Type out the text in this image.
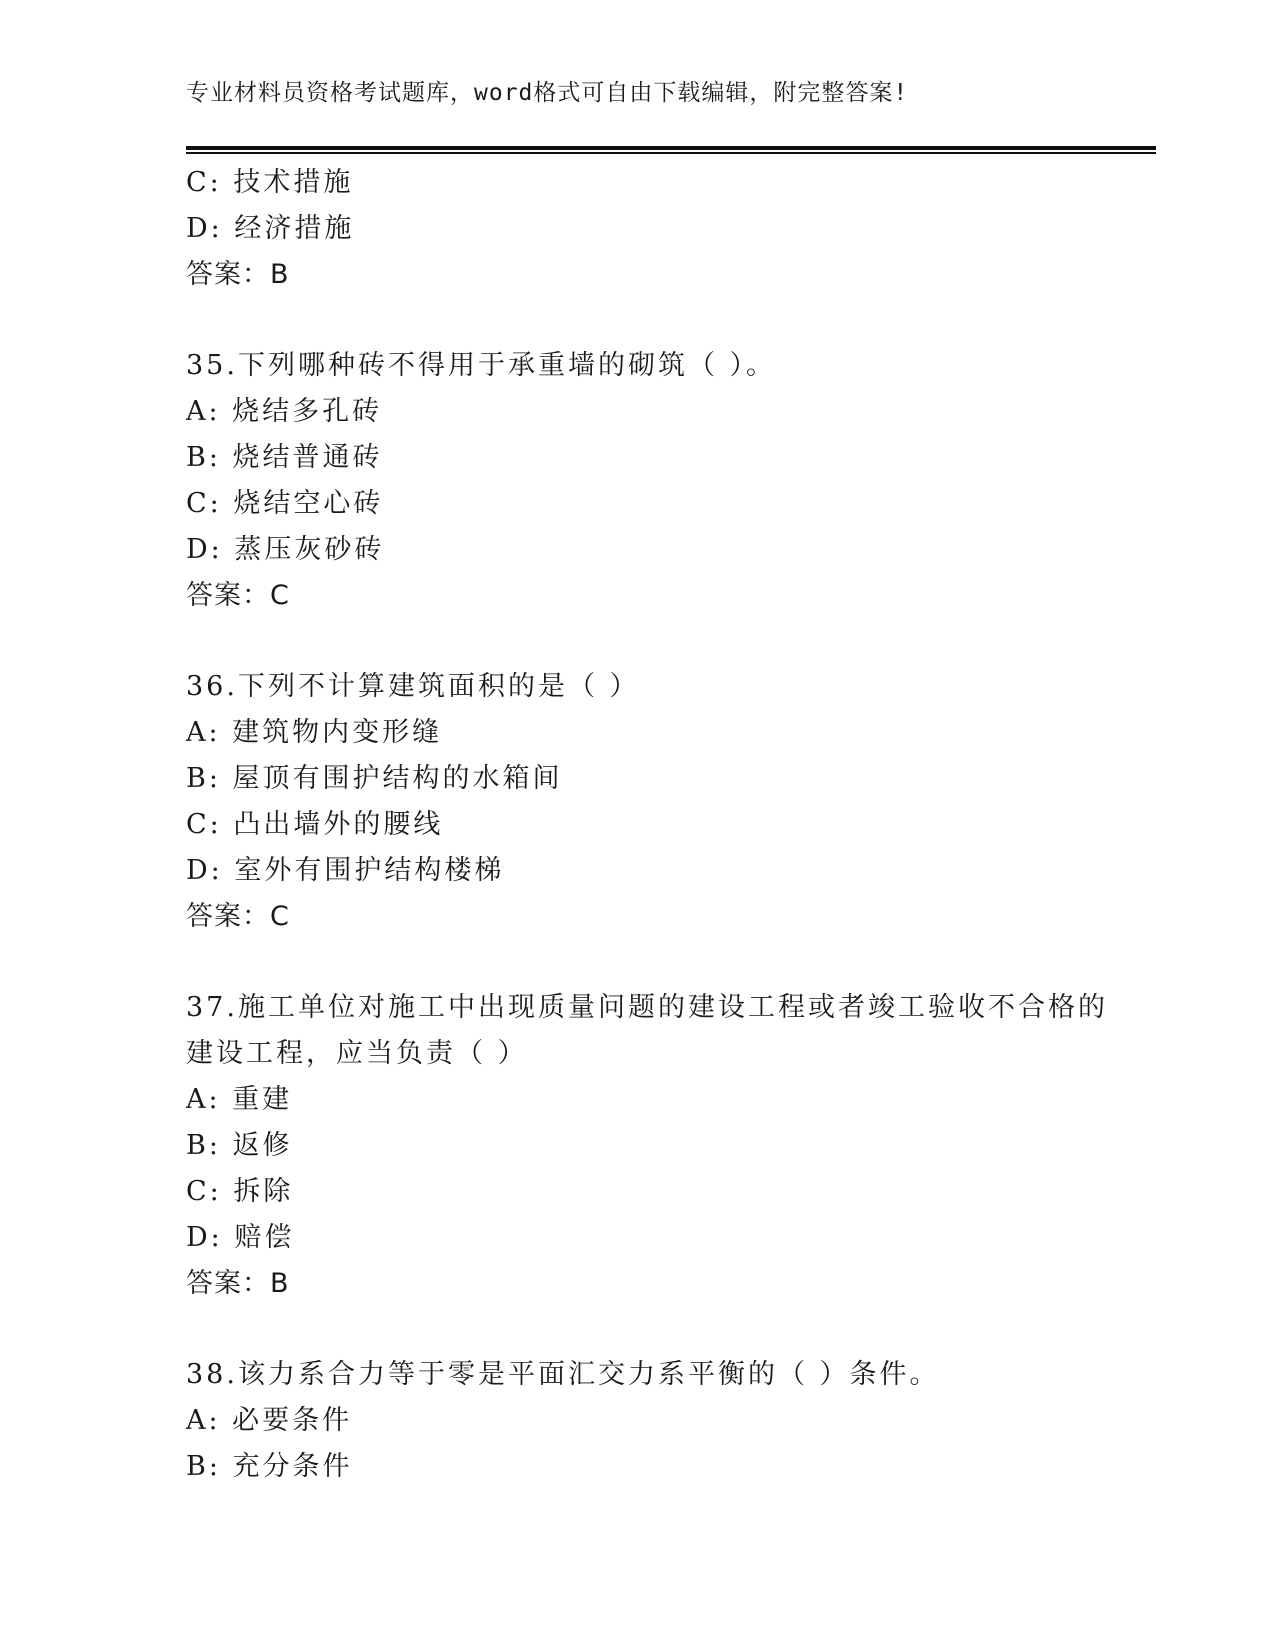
专业材料员资格考试题库，word格式可自由下载编辑，附完整答案!
C: 技术措施
D: 经济措施
答案：B
35.下列哪种砖不得用于承重墙的砌筑（ ）。
A: 烧结多孔砖
B: 烧结普通砖
C: 烧结空心砖
D: 蒸压灰砂砖
答案：C
36.下列不计算建筑面积的是（ ）
A: 建筑物内变形缝
B: 屋顶有围护结构的水箱间
C: 凸出墙外的腰线
D: 室外有围护结构楼梯
答案：C
37.施工单位对施工中出现质量问题的建设工程或者竣工验收不合格的
建设工程，应当负责（ ）
A: 重建
B: 返修
C: 拆除
D: 赔偿
答案：B
38.该力系合力等于零是平面汇交力系平衡的（ ）条件。
A: 必要条件
B: 充分条件
